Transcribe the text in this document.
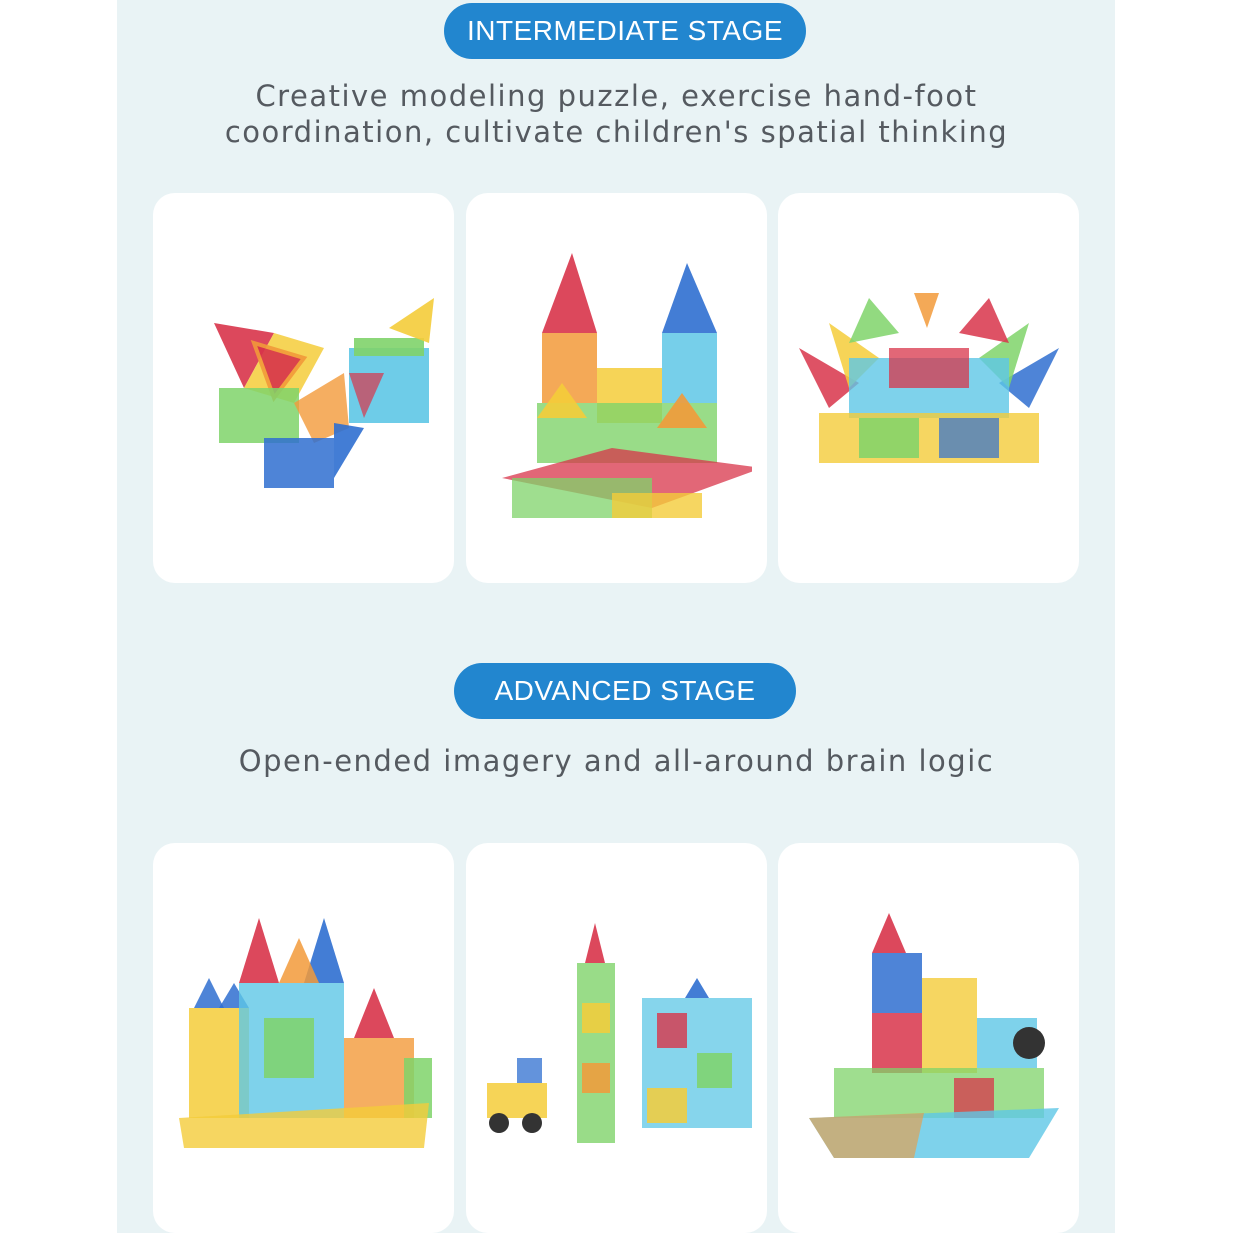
INTERMEDIATE STAGE
Creative modeling puzzle, exercise hand-foot coordination, cultivate children's spatial thinking
ADVANCED STAGE
Open-ended imagery and all-around brain logic
